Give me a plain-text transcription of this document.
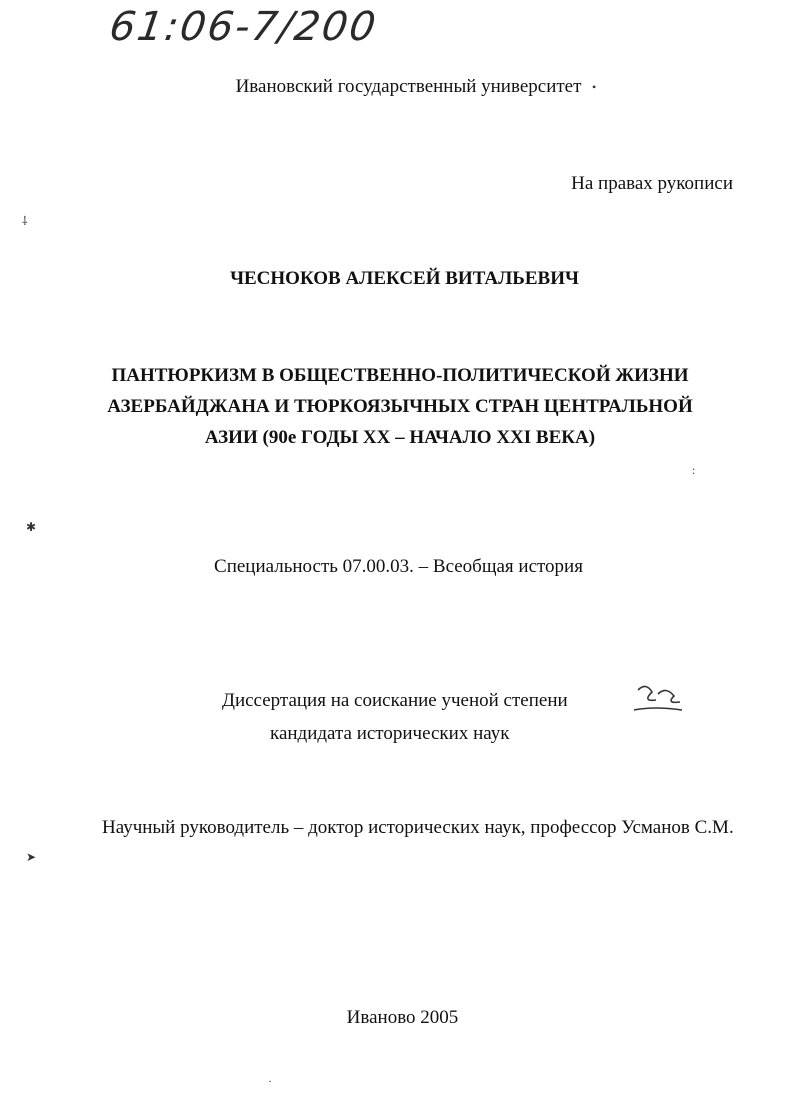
61:06-7/200
Ивановский государственный университет
На правах рукописи
ЧЕСНОКОВ АЛЕКСЕЙ ВИТАЛЬЕВИЧ
ПАНТЮРКИЗМ В ОБЩЕСТВЕННО-ПОЛИТИЧЕСКОЙ ЖИЗНИ
АЗЕРБАЙДЖАНА И ТЮРКОЯЗЫЧНЫХ СТРАН ЦЕНТРАЛЬНОЙ
АЗИИ (90е ГОДЫ XX – НАЧАЛО XXI ВЕКА)
Специальность 07.00.03. – Всеобщая история
Диссертация на соискание ученой степени
кандидата исторических наук
Научный руководитель – доктор исторических наук, профессор Усманов С.М.
Иваново 2005
•
⸸
✱
➤
:
·
